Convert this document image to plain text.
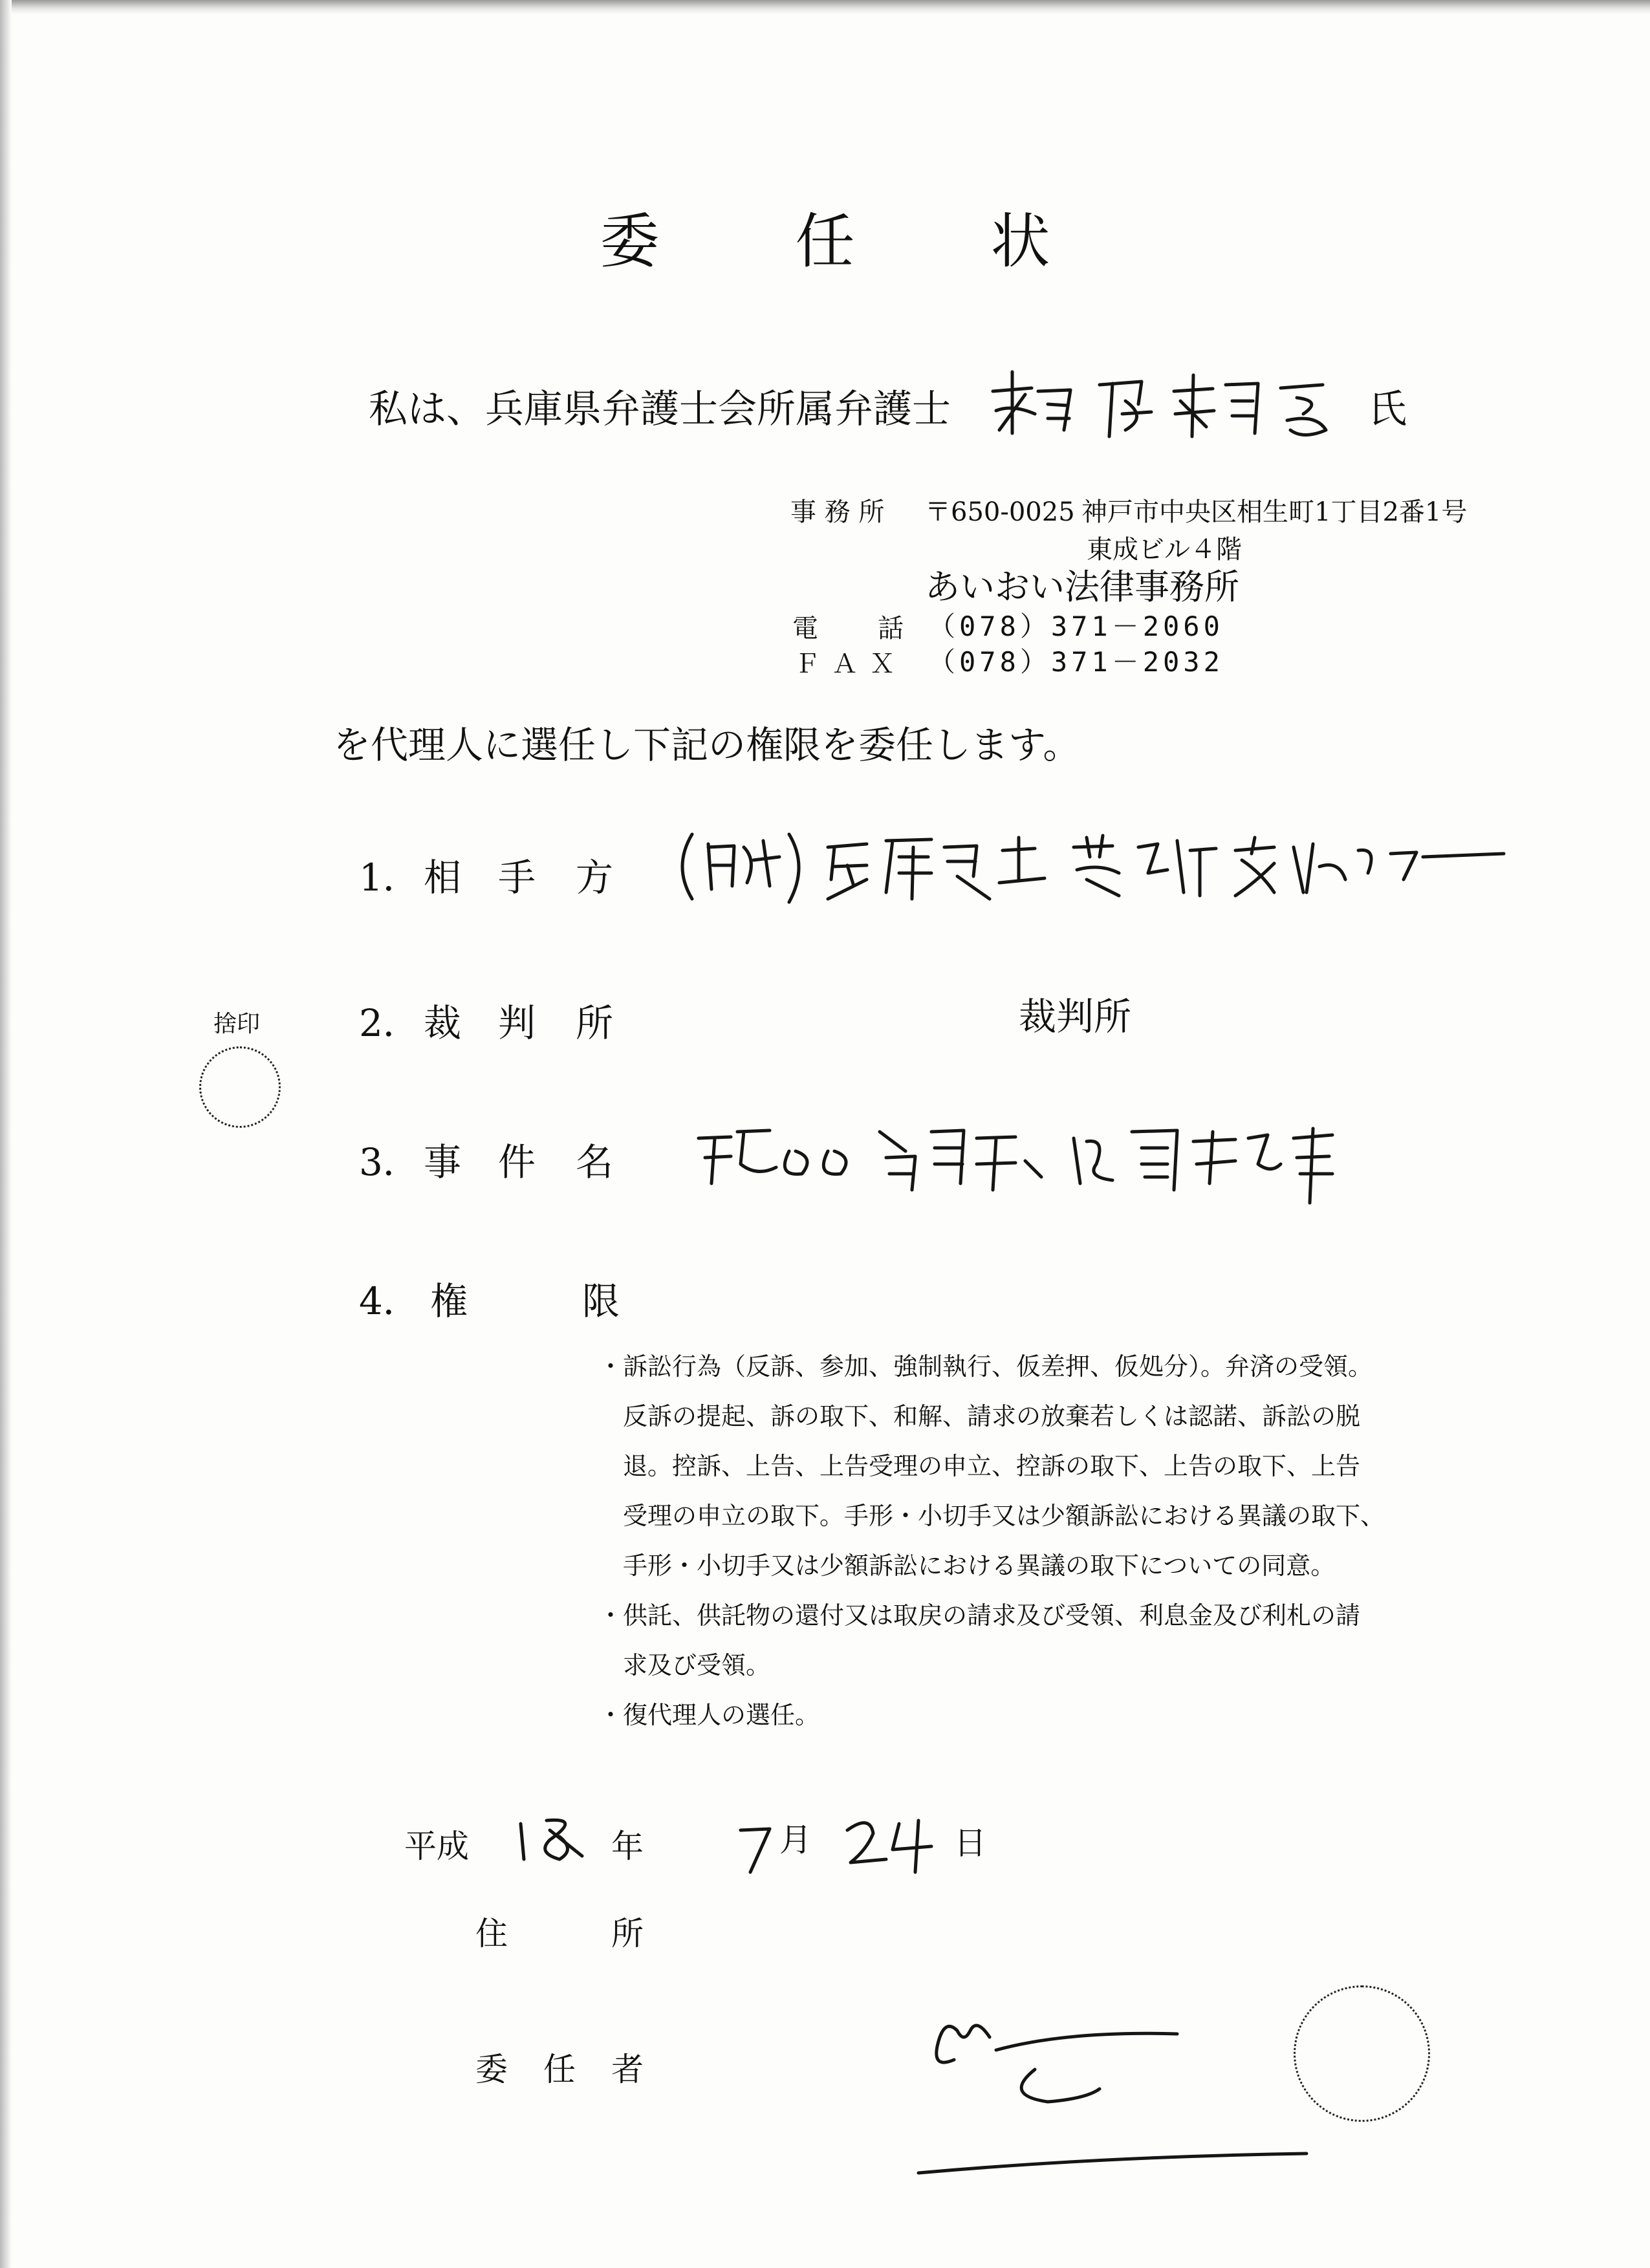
委 任 状
私は、兵庫県弁護士会所属弁護士	氏
事 務 所 〒650-0025 神戸市中央区相生町1丁目2番1号
東成ビル４階
あいおい法律事務所
電　　話 （078）371－2060
ＦＡＸ （078）371－2032
を代理人に選任し下記の権限を委任します。
1． 相 手 方
2． 裁 判 所	裁判所
捨印
3． 事 件 名
4． 権	限
・訴訟行為（反訴、参加、強制執行、仮差押、仮処分）。弁済の受領。
反訴の提起、訴の取下、和解、請求の放棄若しくは認諾、訴訟の脱
退。控訴、上告、上告受理の申立、控訴の取下、上告の取下、上告
受理の申立の取下。手形・小切手又は少額訴訟における異議の取下、
手形・小切手又は少額訴訟における異議の取下についての同意。
・供託、供託物の還付又は取戻の請求及び受領、利息金及び利札の請
求及び受領。
・復代理人の選任。
平成	年	月	日
住	所
委 任 者
